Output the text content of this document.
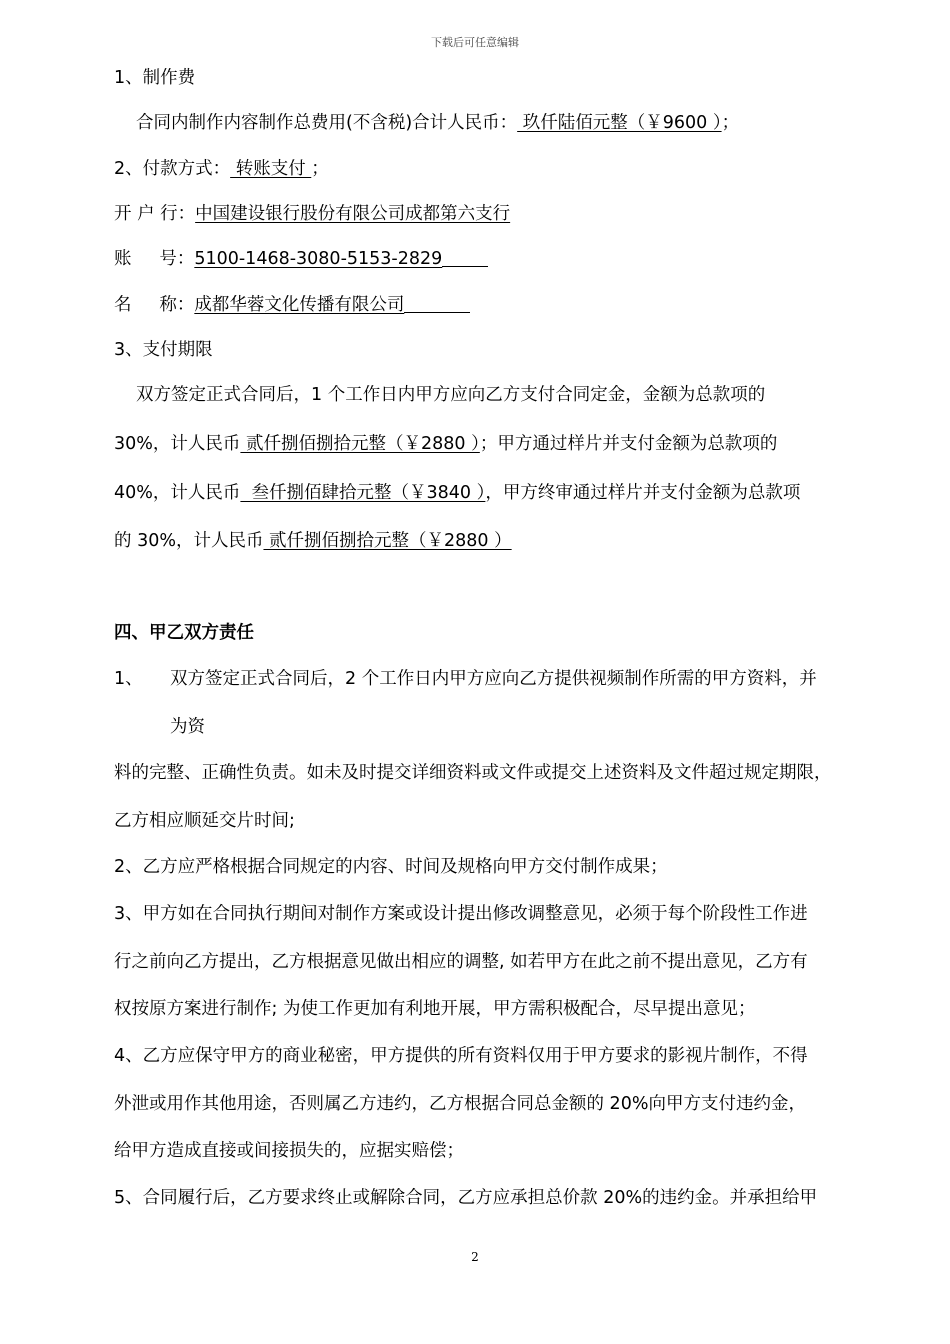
下载后可任意编辑
1、制作费
合同内制作内容制作总费用(不含税)合计人民币： 玖仟陆佰元整（￥9600 ）；
2、付款方式： 转账支付 ；
开 户 行：中国建设银行股份有限公司成都第六支行
账     号：5100-1468-3080-5153-2829
名     称：成都华蓉文化传播有限公司
3、支付期限
双方签定正式合同后，1 个工作日内甲方应向乙方支付合同定金，金额为总款项的
30%，计人民币 贰仟捌佰捌拾元整（￥2880 ）；甲方通过样片并支付金额为总款项的
40%，计人民币  叁仟捌佰肆拾元整（￥3840 ），甲方终审通过样片并支付金额为总款项
的 30%，计人民币 贰仟捌佰捌拾元整（￥2880 ）
四、甲乙双方责任
1、 双方签定正式合同后，2 个工作日内甲方应向乙方提供视频制作所需的甲方资料，并
为资
料的完整、正确性负责。如未及时提交详细资料或文件或提交上述资料及文件超过规定期限，
乙方相应顺延交片时间;
2、乙方应严格根据合同规定的内容、时间及规格向甲方交付制作成果；
3、甲方如在合同执行期间对制作方案或设计提出修改调整意见，必须于每个阶段性工作进
行之前向乙方提出，乙方根据意见做出相应的调整, 如若甲方在此之前不提出意见，乙方有
权按原方案进行制作; 为使工作更加有利地开展，甲方需积极配合，尽早提出意见；
4、乙方应保守甲方的商业秘密，甲方提供的所有资料仅用于甲方要求的影视片制作，不得
外泄或用作其他用途，否则属乙方违约，乙方根据合同总金额的 20%向甲方支付违约金，
给甲方造成直接或间接损失的，应据实赔偿；
5、合同履行后，乙方要求终止或解除合同，乙方应承担总价款 20%的违约金。并承担给甲
2
